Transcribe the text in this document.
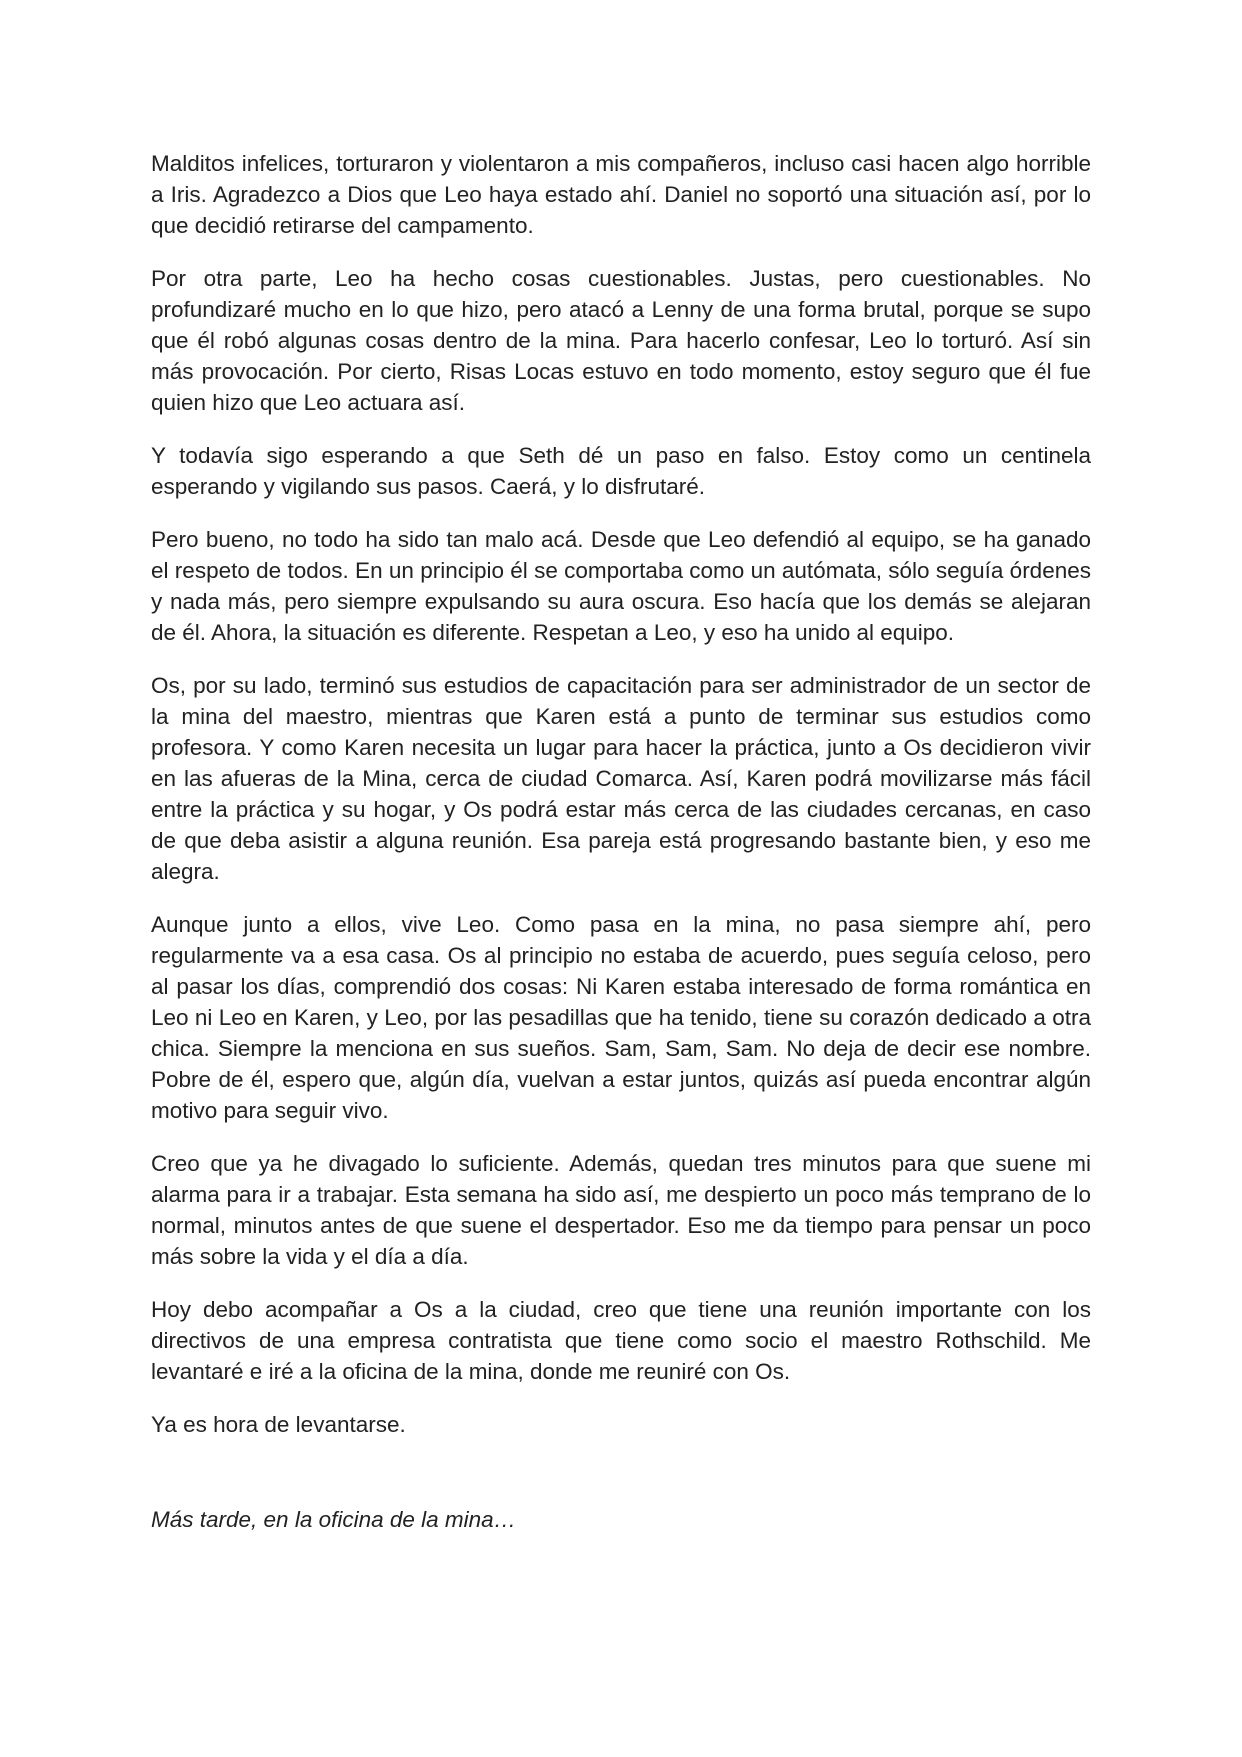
Malditos infelices, torturaron y violentaron a mis compañeros, incluso casi hacen algo horrible a Iris. Agradezco a Dios que Leo haya estado ahí. Daniel no soportó una situación así, por lo que decidió retirarse del campamento.

Por otra parte, Leo ha hecho cosas cuestionables. Justas, pero cuestionables. No profundizaré mucho en lo que hizo, pero atacó a Lenny de una forma brutal, porque se supo que él robó algunas cosas dentro de la mina. Para hacerlo confesar, Leo lo torturó. Así sin más provocación. Por cierto, Risas Locas estuvo en todo momento, estoy seguro que él fue quien hizo que Leo actuara así.

Y todavía sigo esperando a que Seth dé un paso en falso. Estoy como un centinela esperando y vigilando sus pasos. Caerá, y lo disfrutaré.

Pero bueno, no todo ha sido tan malo acá. Desde que Leo defendió al equipo, se ha ganado el respeto de todos. En un principio él se comportaba como un autómata, sólo seguía órdenes y nada más, pero siempre expulsando su aura oscura. Eso hacía que los demás se alejaran de él. Ahora, la situación es diferente. Respetan a Leo, y eso ha unido al equipo.

Os, por su lado, terminó sus estudios de capacitación para ser administrador de un sector de la mina del maestro, mientras que Karen está a punto de terminar sus estudios como profesora. Y como Karen necesita un lugar para hacer la práctica, junto a Os decidieron vivir en las afueras de la Mina, cerca de ciudad Comarca. Así, Karen podrá movilizarse más fácil entre la práctica y su hogar, y Os podrá estar más cerca de las ciudades cercanas, en caso de que deba asistir a alguna reunión. Esa pareja está progresando bastante bien, y eso me alegra.

Aunque junto a ellos, vive Leo. Como pasa en la mina, no pasa siempre ahí, pero regularmente va a esa casa. Os al principio no estaba de acuerdo, pues seguía celoso, pero al pasar los días, comprendió dos cosas: Ni Karen estaba interesado de forma romántica en Leo ni Leo en Karen, y Leo, por las pesadillas que ha tenido, tiene su corazón dedicado a otra chica. Siempre la menciona en sus sueños. Sam, Sam, Sam. No deja de decir ese nombre. Pobre de él, espero que, algún día, vuelvan a estar juntos, quizás así pueda encontrar algún motivo para seguir vivo.

Creo que ya he divagado lo suficiente. Además, quedan tres minutos para que suene mi alarma para ir a trabajar. Esta semana ha sido así, me despierto un poco más temprano de lo normal, minutos antes de que suene el despertador. Eso me da tiempo para pensar un poco más sobre la vida y el día a día.

Hoy debo acompañar a Os a la ciudad, creo que tiene una reunión importante con los directivos de una empresa contratista que tiene como socio el maestro Rothschild. Me levantaré e iré a la oficina de la mina, donde me reuniré con Os.

Ya es hora de levantarse.

Más tarde, en la oficina de la mina…
